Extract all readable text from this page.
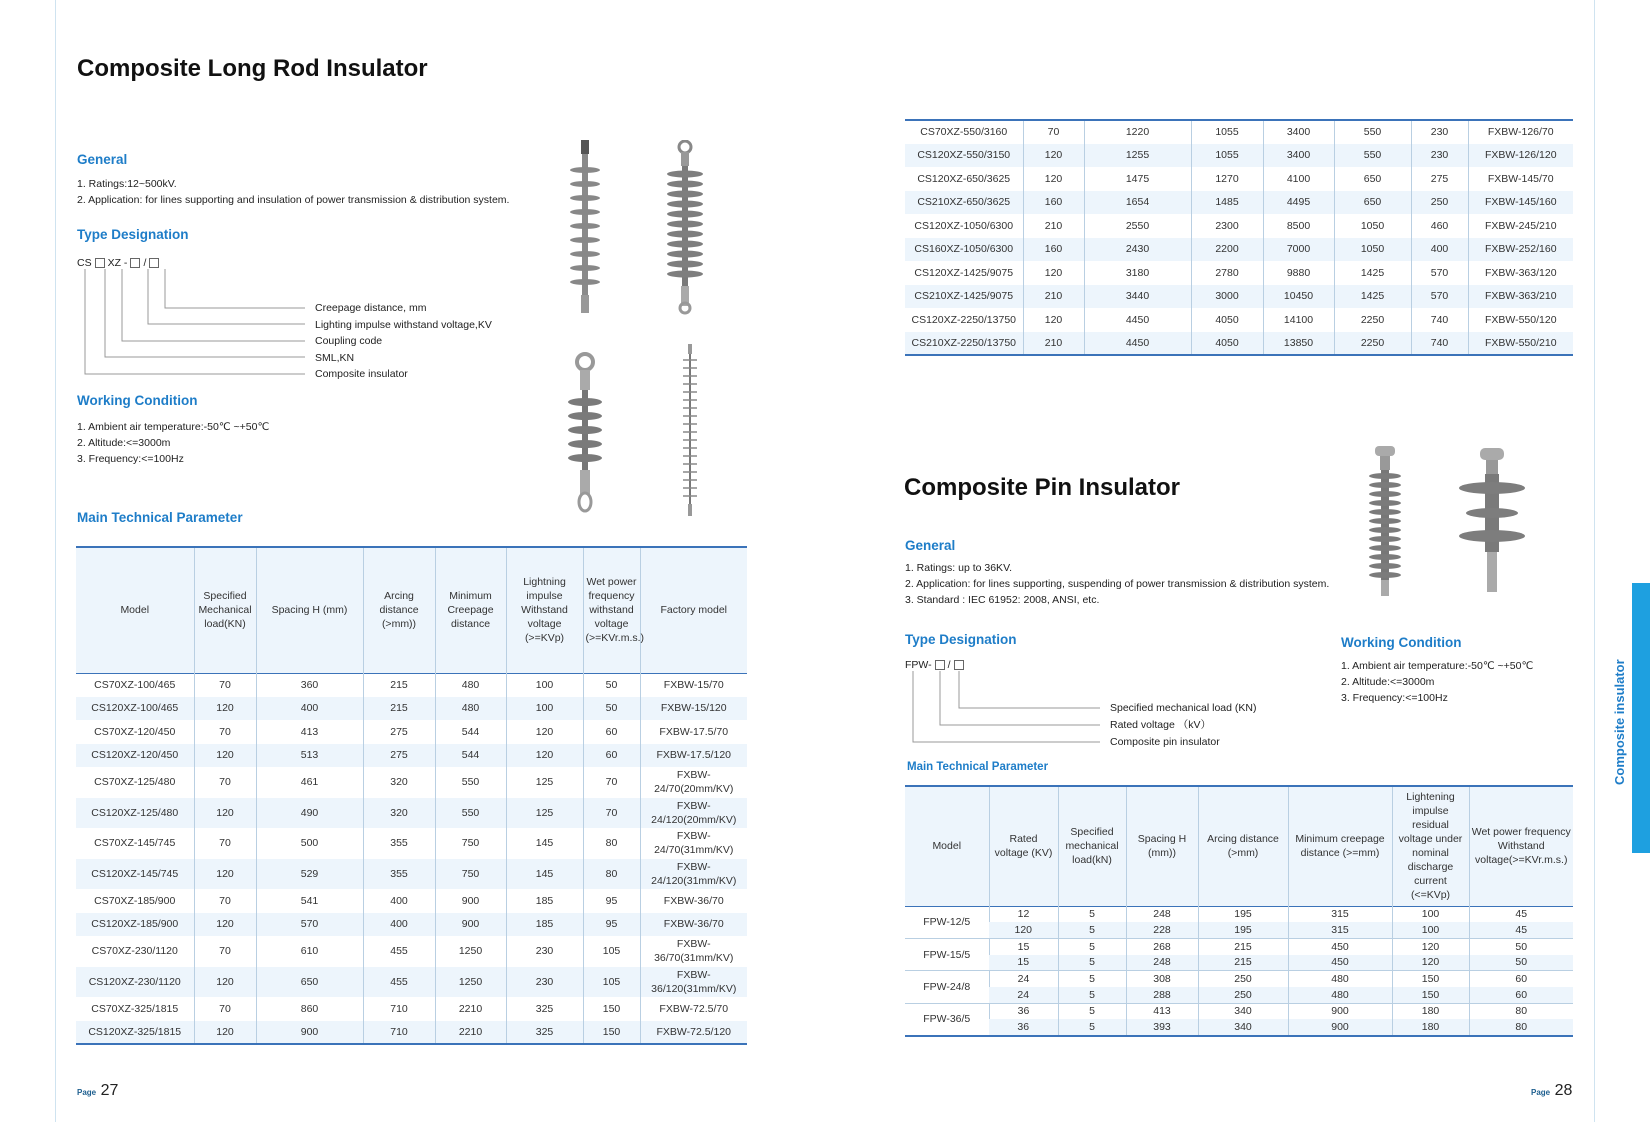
Composite Long Rod Insulator
General
1. Ratings:12~500kV.
2. Application: for lines supporting and insulation of power transmission & distribution system.
Type Designation
CS XZ - /
Creepage distance, mm
Lighting impulse withstand voltage,KV
Coupling code
SML,KN
Composite insulator
Working Condition
1. Ambient air temperature:-50℃ ~+50℃
2. Altitude:<=3000m
3. Frequency:<=100Hz
Main Technical Parameter
Model	Specified Mechanical load(KN)	Spacing H (mm)	Arcing distance (>mm))	Minimum Creepage distance	Lightning impulse Withstand voltage (>=KVp)	Wet power frequency withstand voltage (>=KVr.m.s.)	Factory model
CS70XZ-100/465	70	360	215	480	100	50	FXBW-15/70
CS120XZ-100/465	120	400	215	480	100	50	FXBW-15/120
CS70XZ-120/450	70	413	275	544	120	60	FXBW-17.5/70
CS120XZ-120/450	120	513	275	544	120	60	FXBW-17.5/120
CS70XZ-125/480	70	461	320	550	125	70	FXBW-24/70(20mm/KV)
CS120XZ-125/480	120	490	320	550	125	70	FXBW-24/120(20mm/KV)
CS70XZ-145/745	70	500	355	750	145	80	FXBW-24/70(31mm/KV)
CS120XZ-145/745	120	529	355	750	145	80	FXBW-24/120(31mm/KV)
CS70XZ-185/900	70	541	400	900	185	95	FXBW-36/70
CS120XZ-185/900	120	570	400	900	185	95	FXBW-36/70
CS70XZ-230/1120	70	610	455	1250	230	105	FXBW-36/70(31mm/KV)
CS120XZ-230/1120	120	650	455	1250	230	105	FXBW-36/120(31mm/KV)
CS70XZ-325/1815	70	860	710	2210	325	150	FXBW-72.5/70
CS120XZ-325/1815	120	900	710	2210	325	150	FXBW-72.5/120
Page 27
CS70XZ-550/3160	70	1220	1055	3400	550	230	FXBW-126/70
CS120XZ-550/3150	120	1255	1055	3400	550	230	FXBW-126/120
CS120XZ-650/3625	120	1475	1270	4100	650	275	FXBW-145/70
CS210XZ-650/3625	160	1654	1485	4495	650	250	FXBW-145/160
CS120XZ-1050/6300	210	2550	2300	8500	1050	460	FXBW-245/210
CS160XZ-1050/6300	160	2430	2200	7000	1050	400	FXBW-252/160
CS120XZ-1425/9075	120	3180	2780	9880	1425	570	FXBW-363/120
CS210XZ-1425/9075	210	3440	3000	10450	1425	570	FXBW-363/210
CS120XZ-2250/13750	120	4450	4050	14100	2250	740	FXBW-550/120
CS210XZ-2250/13750	210	4450	4050	13850	2250	740	FXBW-550/210
Composite Pin Insulator
General
1. Ratings: up to 36KV.
2. Application: for lines supporting, suspending of power transmission & distribution system.
3. Standard : IEC 61952: 2008, ANSI, etc.
Type Designation
FPW- /
Specified mechanical load (KN)
Rated voltage （kV）
Composite pin insulator
Working Condition
1. Ambient air temperature:-50℃ ~+50℃
2. Altitude:<=3000m
3. Frequency:<=100Hz
Main Technical Parameter
Model	Rated voltage (KV)	Specified mechanical load(kN)	Spacing H (mm))	Arcing distance (>mm)	Minimum creepage distance (>=mm)	Lightening impulse residual voltage under nominal discharge current (<=KVp)	Wet power frequency Withstand voltage(>=KVr.m.s.)
FPW-12/5	12	5	248	195	315	100	45
	120	5	228	195	315	100	45
FPW-15/5	15	5	268	215	450	120	50
	15	5	248	215	450	120	50
FPW-24/8	24	5	308	250	480	150	60
	24	5	288	250	480	150	60
FPW-36/5	36	5	413	340	900	180	80
	36	5	393	340	900	180	80
Composite insulator
Page 28
